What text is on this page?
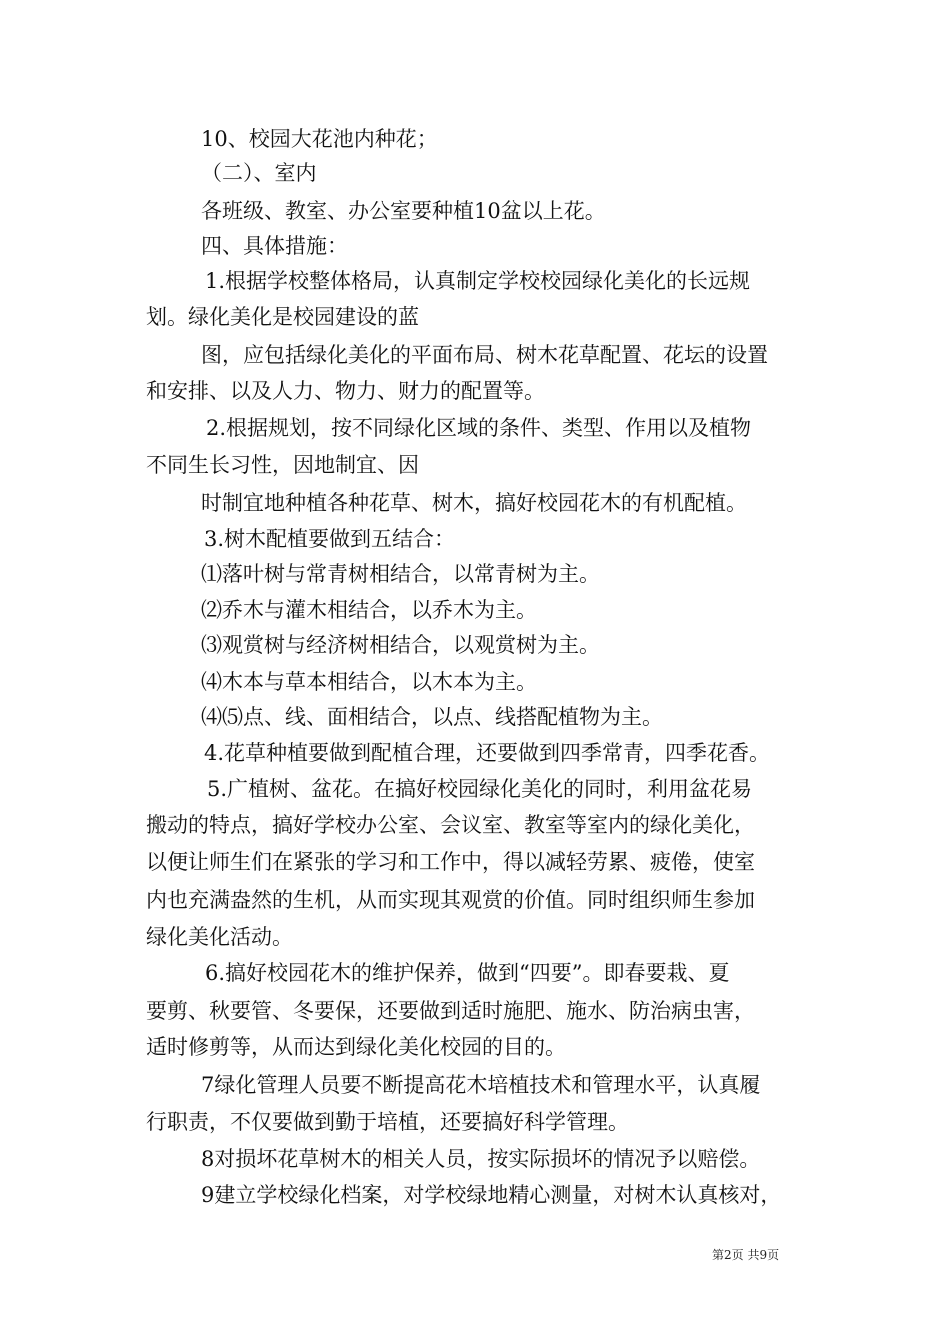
10、校园大花池内种花；
（二）、室内
各班级、教室、办公室要种植10盆以上花。
四、具体措施：
1.根据学校整体格局，认真制定学校校园绿化美化的长远规
划。绿化美化是校园建设的蓝
图，应包括绿化美化的平面布局、树木花草配置、花坛的设置
和安排、以及人力、物力、财力的配置等。
2.根据规划，按不同绿化区域的条件、类型、作用以及植物
不同生长习性，因地制宜、因
时制宜地种植各种花草、树木，搞好校园花木的有机配植。
3.树木配植要做到五结合：
⑴落叶树与常青树相结合，以常青树为主。
⑵乔木与灌木相结合，以乔木为主。
⑶观赏树与经济树相结合，以观赏树为主。
⑷木本与草本相结合，以木本为主。
⑷⑸点、线、面相结合，以点、线搭配植物为主。
4.花草种植要做到配植合理，还要做到四季常青，四季花香。
5.广植树、盆花。在搞好校园绿化美化的同时，利用盆花易
搬动的特点，搞好学校办公室、会议室、教室等室内的绿化美化，
以便让师生们在紧张的学习和工作中，得以减轻劳累、疲倦，使室
内也充满盎然的生机，从而实现其观赏的价值。同时组织师生参加
绿化美化活动。
6.搞好校园花木的维护保养，做到“四要”。即春要栽、夏
要剪、秋要管、冬要保，还要做到适时施肥、施水、防治病虫害，
适时修剪等，从而达到绿化美化校园的目的。
7绿化管理人员要不断提高花木培植技术和管理水平，认真履
行职责，不仅要做到勤于培植，还要搞好科学管理。
8对损坏花草树木的相关人员，按实际损坏的情况予以赔偿。
9建立学校绿化档案，对学校绿地精心测量，对树木认真核对，
第2页 共9页
